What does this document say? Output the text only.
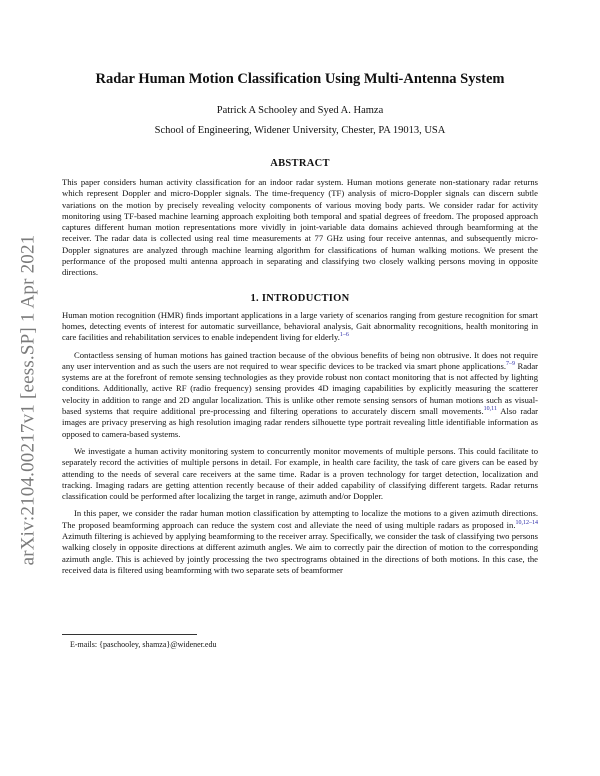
arXiv:2104.00217v1 [eess.SP] 1 Apr 2021
Radar Human Motion Classification Using Multi-Antenna System
Patrick A Schooley and Syed A. Hamza
School of Engineering, Widener University, Chester, PA 19013, USA
ABSTRACT

This paper considers human activity classification for an indoor radar system. Human motions generate non-stationary radar returns which represent Doppler and micro-Doppler signals. The time-frequency (TF) analysis of micro-Doppler signals can discern subtle variations on the motion by precisely revealing velocity components of various moving body parts. We consider radar for activity monitoring using TF-based machine learning approach exploiting both temporal and spatial degrees of freedom. The proposed approach captures different human motion representations more vividly in joint-variable data domains achieved through beamforming at the receiver. The radar data is collected using real time measurements at 77 GHz using four receive antennas, and subsequently micro-Doppler signatures are analyzed through machine learning algorithm for classifications of human walking motions. We present the performance of the proposed multi antenna approach in separating and classifying two closely walking persons moving in opposite directions.

1. INTRODUCTION

Human motion recognition (HMR) finds important applications in a large variety of scenarios ranging from gesture recognition for smart homes, detecting events of interest for automatic surveillance, behavioral analysis, Gait abnormality recognitions, health monitoring in care facilities and rehabilitation services to enable independent living for elderly.$^{1-6}$

Contactless sensing of human motions has gained traction because of the obvious benefits of being non obtrusive. It does not require any user intervention and as such the users are not required to wear specific devices to be tracked via smart phone applications.$^{7-9}$ Radar systems are at the forefront of remote sensing technologies as they provide robust non contact monitoring that is not affected by lighting conditions. Additionally, active RF (radio frequency) sensing provides 4D imaging capabilities by explicitly measuring the scatterer velocity in addition to range and 2D angular localization. This is unlike other remote sensing sensors of human motions such as visual-based systems that require additional pre-processing and filtering operations to accurately discern small movements.$^{10,11}$ Also radar images are privacy preserving as high resolution imaging radar renders silhouette type portrait revealing little identifiable information as opposed to camera-based systems.

We investigate a human activity monitoring system to concurrently monitor movements of multiple persons. This could facilitate to separately record the activities of multiple persons in detail. For example, in health care facility, the task of care givers can be eased by attending to the needs of several care receivers at the same time. Radar is a proven technology for target detection, localization and tracking. Imaging radars are getting attention recently because of their added capability of classifying different targets. Radar returns classification could be performed after localizing the target in range, azimuth and/or Doppler.

In this paper, we consider the radar human motion classification by attempting to localize the motions to a given azimuth directions. The proposed beamforming approach can reduce the system cost and alleviate the need of using multiple radars as proposed in.$^{10,12-14}$ Azimuth filtering is achieved by applying beamforming to the receiver array. Specifically, we consider the task of classifying two persons walking closely in opposite directions at different azimuth angles. We aim to correctly pair the direction of motion to the corresponding azimuth angle. This is achieved by jointly processing the two spectrograms obtained in the directions of both motions. In this case, the received data is filtered using beamforming with two separate sets of beamformer

E-mails: {paschooley, shamza}@widener.edu
